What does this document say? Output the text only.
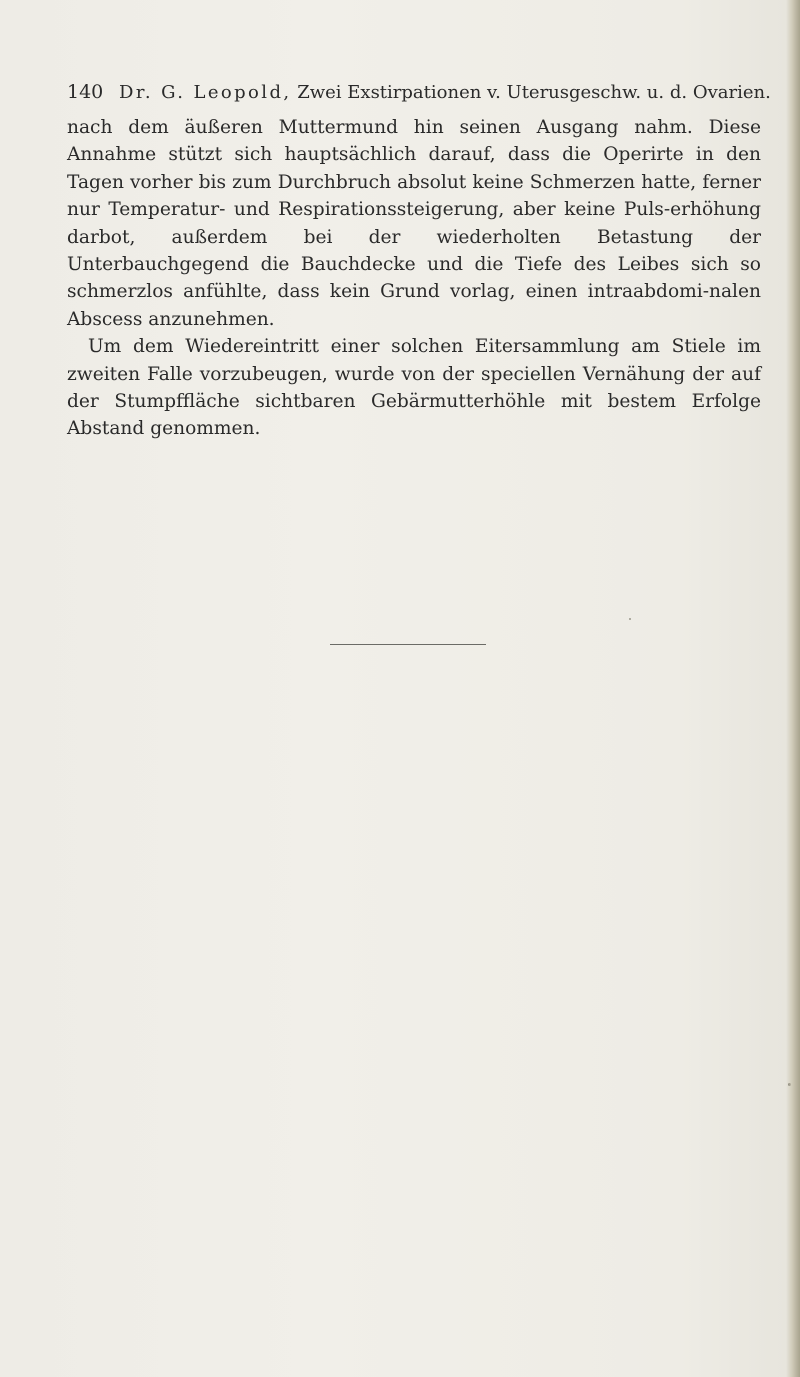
140 Dr. G. Leopold, Zwei Exstirpationen v. Uterusgeschw. u. d. Ovarien.

nach dem äußeren Muttermund hin seinen Ausgang nahm. Diese Annahme stützt sich hauptsächlich darauf, dass die Operirte in den Tagen vorher bis zum Durchbruch absolut keine Schmerzen hatte, ferner nur Temperatur- und Respirationssteigerung, aber keine Puls-erhöhung darbot, außerdem bei der wiederholten Betastung der Unterbauchgegend die Bauchdecke und die Tiefe des Leibes sich so schmerzlos anfühlte, dass kein Grund vorlag, einen intraabdomi-nalen Abscess anzunehmen.

Um dem Wiedereintritt einer solchen Eitersammlung am Stiele im zweiten Falle vorzubeugen, wurde von der speciellen Vernähung der auf der Stumpffläche sichtbaren Gebärmutterhöhle mit bestem Erfolge Abstand genommen.
